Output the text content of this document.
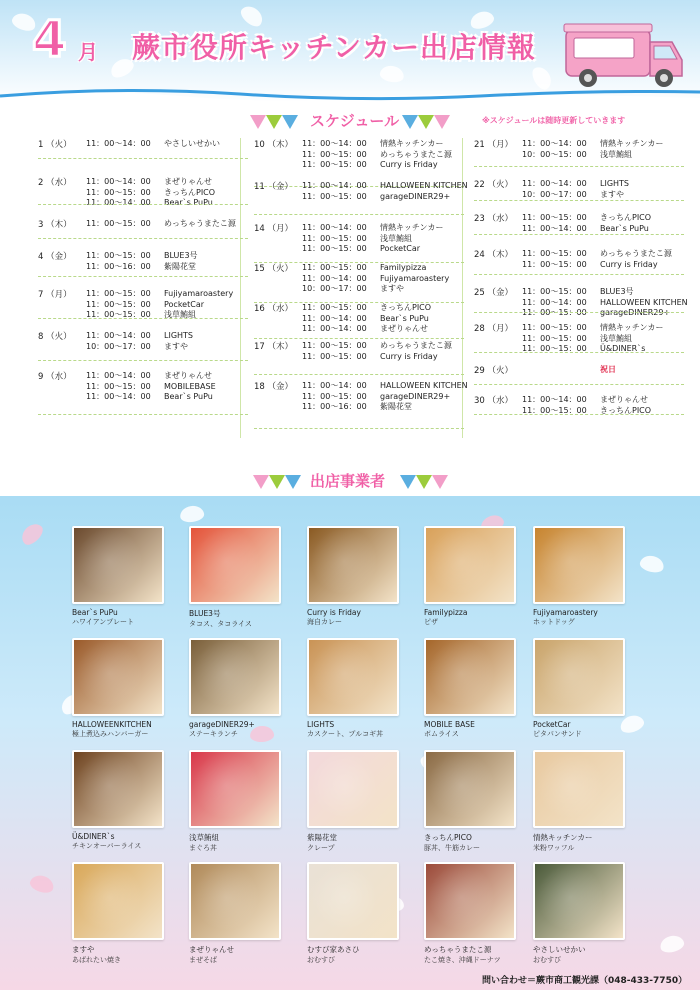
4 月 蕨市役所キッチンカー出店情報
スケジュール	※スケジュールは随時更新していきます
1 （火） 11：00〜14：00 やさしいせかい
2 （水） 11：00〜14：00 まぜりゃんせ
11：00〜15：00 きっちんPICO
11：00〜14：00 Bear`s PuPu
3 （木） 11：00〜15：00 めっちゃうまたこ源
4 （金） 11：00〜15：00 BLUE3号
11：00〜16：00 紫陽花堂
7 （月） 11：00〜15：00 Fujiyamaroastery
11：00〜15：00 PocketCar
11：00〜15：00 浅草鮪組
8 （火） 11：00〜14：00 LIGHTS
10：00〜17：00 ますや
9 （水） 11：00〜14：00 まぜりゃんせ
11：00〜15：00 MOBILEBASE
11：00〜14：00 Bear`s PuPu
10 （木） 11：00〜14：00 情熱キッチンカー
11：00〜15：00 めっちゃうまたこ源
11：00〜15：00 Curry is Friday
11 （金） 11：00〜14：00 HALLOWEEN KITCHEN
11：00〜15：00 garageDINER29+
14 （月） 11：00〜14：00 情熱キッチンカー
11：00〜15：00 浅草鮪組
11：00〜15：00 PocketCar
15 （火） 11：00〜15：00 Familypizza
11：00〜14：00 Fujiyamaroastery
10：00〜17：00 ますや
16 （水） 11：00〜15：00 きっちんPICO
11：00〜14：00 Bear`s PuPu
11：00〜14：00 まぜりゃんせ
17 （木） 11：00〜15：00 めっちゃうまたこ源
11：00〜15：00 Curry is Friday
18 （金） 11：00〜14：00 HALLOWEEN KITCHEN
11：00〜15：00 garageDINER29+
11：00〜16：00 紫陽花堂
21 （月） 11：00〜14：00 情熱キッチンカー
10：00〜15：00 浅草鮪組
22 （火） 11：00〜14：00 LIGHTS
10：00〜17：00 ますや
23 （水） 11：00〜15：00 きっちんPICO
11：00〜14：00 Bear`s PuPu
24 （木） 11：00〜15：00 めっちゃうまたこ源
11：00〜15：00 Curry is Friday
25 （金） 11：00〜15：00 BLUE3号
11：00〜14：00 HALLOWEEN KITCHEN
11：00〜15：00 garageDINER29+
28 （月） 11：00〜15：00 情熱キッチンカー
11：00〜15：00 浅草鮪組
11：00〜15：00 Ü&DINER`s
29 （火）	祝日
30 （水） 11：00〜14：00 まぜりゃんせ
11：00〜15：00 きっちんPICO
出店事業者
Bear`s PuPu
ハワイアンプレート
BLUE3号
タコス、タコライス
Curry is Friday
海自カレー
Familypizza
ピザ
Fujiyamaroastery
ホットドッグ
HALLOWEENKITCHEN
極上煮込みハンバーガー
garageDINER29+
ステーキランチ
LIGHTS
カスクート、プルコギ丼
MOBILE BASE
ボムライス
PocketCar
ピタパンサンド
Ü&DINER`s
チキンオーバーライス
浅草鮪組
まぐろ丼
紫陽花堂
クレープ
きっちんPICO
豚丼、牛筋カレー
情熱キッチンカー
米粉ワッフル
ますや
あばれたい焼き
まぜりゃんせ
まぜそば
むすび家あさひ
おむすび
めっちゃうまたこ源
たこ焼き、沖縄ドーナツ
やさしいせかい
おむすび
問い合わせ＝蕨市商工観光課（048-433-7750）
